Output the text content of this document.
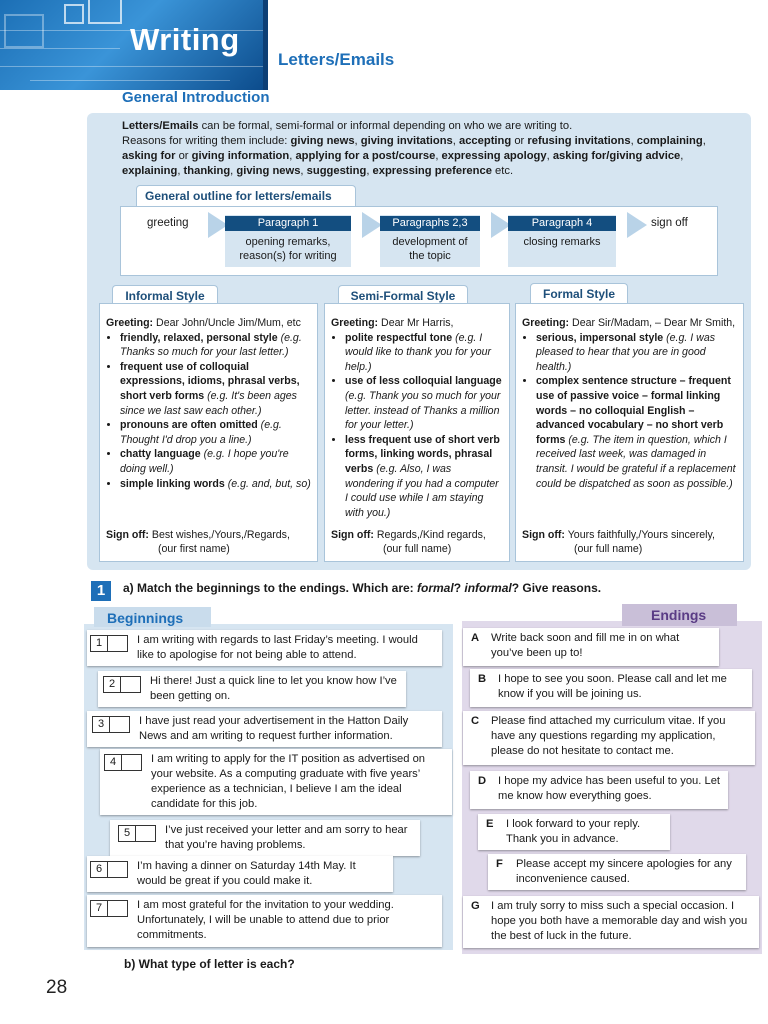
Writing
Letters/Emails
General Introduction
Letters/Emails can be formal, semi-formal or informal depending on who we are writing to.
Reasons for writing them include: giving news, giving invitations, accepting or refusing invitations, complaining, asking for or giving information, applying for a post/course, expressing apology, asking for/giving advice, explaining, thanking, giving news, suggesting, expressing preference etc.
General outline for letters/emails
greeting	Paragraph 1
opening remarks,
reason(s) for writing
Paragraphs 2,3
development of
the topic
Paragraph 4
closing remarks
sign off
Informal Style	Semi-Formal Style	Formal Style
Greeting: Dear John/Uncle Jim/Mum, etc
• friendly, relaxed, personal style (e.g. Thanks so much for your last letter.)
• frequent use of colloquial expressions, idioms, phrasal verbs, short verb forms (e.g. It's been ages since we last saw each other.)
• pronouns are often omitted (e.g. Thought I'd drop you a line.)
• chatty language (e.g. I hope you're doing well.)
• simple linking words (e.g. and, but, so)
Sign off: Best wishes,/Yours,/Regards,
(our first name)
Greeting: Dear Mr Harris,
• polite respectful tone (e.g. I would like to thank you for your help.)
• use of less colloquial language (e.g. Thank you so much for your letter. instead of Thanks a million for your letter.)
• less frequent use of short verb forms, linking words, phrasal verbs (e.g. Also, I was wondering if you had a computer I could use while I am staying with you.)
Sign off: Regards,/Kind regards,
(our full name)
Greeting: Dear Sir/Madam, – Dear Mr Smith,
• serious, impersonal style (e.g. I was pleased to hear that you are in good health.)
• complex sentence structure – frequent use of passive voice – formal linking words – no colloquial English – advanced vocabulary – no short verb forms (e.g. The item in question, which I received last week, was damaged in transit. I would be grateful if a replacement could be dispatched as soon as possible.)
Sign off: Yours faithfully,/Yours sincerely,
(our full name)
1	a) Match the beginnings to the endings. Which are: formal? informal? Give reasons.
Beginnings	Endings
1	I am writing with regards to last Friday’s meeting. I would like to apologise for not being able to attend.
2	Hi there! Just a quick line to let you know how I’ve been getting on.
3	I have just read your advertisement in the Hatton Daily News and am writing to request further information.
4	I am writing to apply for the IT position as advertised on your website. As a computing graduate with five years’ experience as a technician, I believe I am the ideal candidate for this job.
5	I’ve just received your letter and am sorry to hear that you’re having problems.
6	I’m having a dinner on Saturday 14th May. It would be great if you could make it.
7	I am most grateful for the invitation to your wedding. Unfortunately, I will be unable to attend due to prior commitments.
A Write back soon and fill me in on what you’ve been up to!
B I hope to see you soon. Please call and let me know if you will be joining us.
C Please find attached my curriculum vitae. If you have any questions regarding my application, please do not hesitate to contact me.
D I hope my advice has been useful to you. Let me know how everything goes.
E I look forward to your reply. Thank you in advance.
F Please accept my sincere apologies for any inconvenience caused.
G I am truly sorry to miss such a special occasion. I hope you both have a memorable day and wish you the best of luck in the future.
b) What type of letter is each?
28
